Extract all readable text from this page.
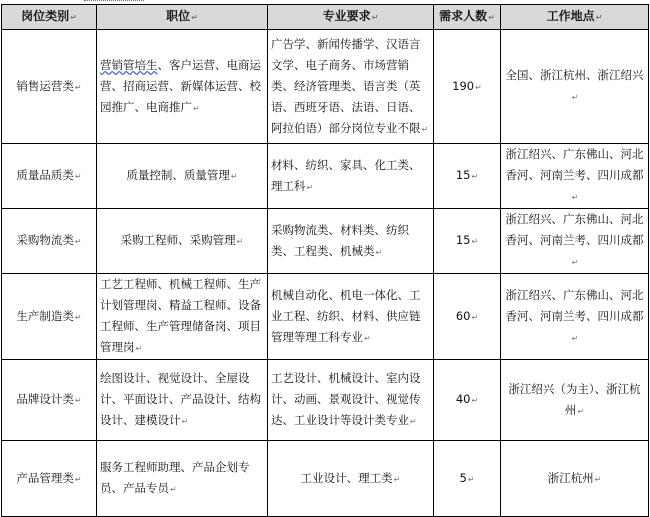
岗位类别↵	职位↵	专业要求↵	需求人数↵	工作地点↵
销售运营类↵	营销管培生、客户运营、电商运营、招商运营、新媒体运营、校园推广、电商推广↵	广告学、新闻传播学、汉语言文学、电子商务、市场营销类、经济管理类、语言类（英语、西班牙语、法语、日语、阿拉伯语）部分岗位专业不限↵	190↵	全国、浙江杭州、浙江绍兴↵
质量品质类↵	质量控制、质量管理↵	材料、纺织、家具、化工类、理工科↵	15↵	浙江绍兴、广东佛山、河北香河、河南兰考、四川成都↵
采购物流类↵	采购工程师、采购管理↵	采购物流类、材料类、纺织类、工程类、机械类↵	15↵	浙江绍兴、广东佛山、河北香河、河南兰考、四川成都↵
生产制造类↵	工艺工程师、机械工程师、生产计划管理岗、精益工程师、设备工程师、生产管理储备岗、项目管理岗↵	机械自动化、机电一体化、工业工程、纺织、材料、供应链管理等理工科专业↵	60↵	浙江绍兴、广东佛山、河北香河、河南兰考、四川成都↵
品牌设计类↵	绘图设计、视觉设计、全屋设计、平面设计、产品设计、结构设计、建模设计↵	工艺设计、机械设计、室内设计、动画、景观设计、视觉传达、工业设计等设计类专业↵	40↵	浙江绍兴（为主）、浙江杭州↵
产品管理类↵	服务工程师助理、产品企划专员、产品专员↵	工业设计、理工类↵	5↵	浙江杭州↵
